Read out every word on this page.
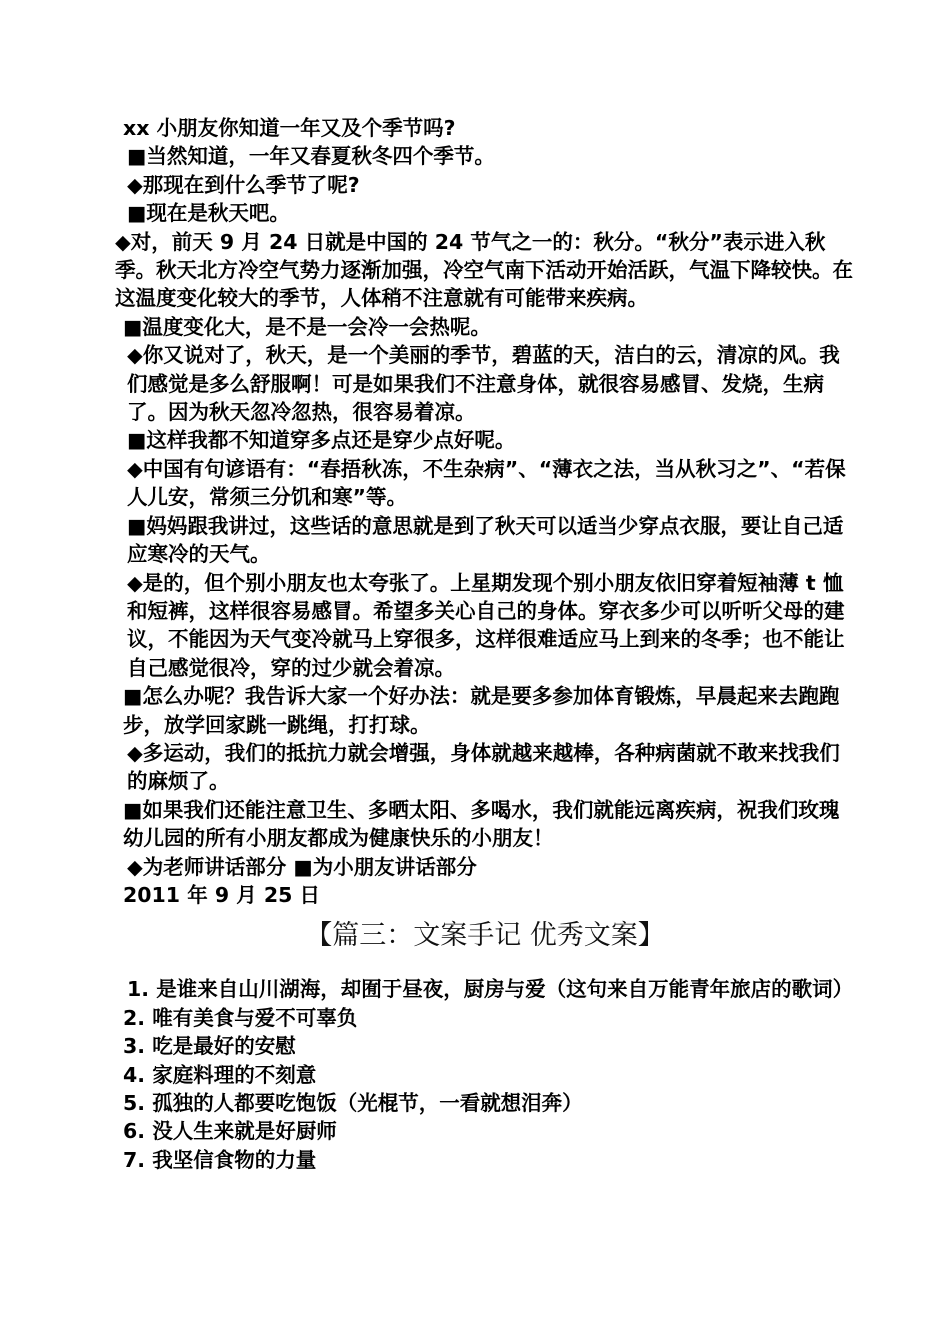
xx 小朋友你知道一年又及个季节吗?

■当然知道，一年又春夏秋冬四个季节。

◆那现在到什么季节了呢?

■现在是秋天吧。

◆对，前天 9 月 24 日就是中国的 24 节气之一的：秋分。“秋分”表示进入秋季。秋天北方冷空气势力逐渐加强，冷空气南下活动开始活跃，气温下降较快。在这温度变化较大的季节，人体稍不注意就有可能带来疾病。

■温度变化大，是不是一会冷一会热呢。

◆你又说对了，秋天，是一个美丽的季节，碧蓝的天，洁白的云，清凉的风。我们感觉是多么舒服啊！可是如果我们不注意身体，就很容易感冒、发烧，生病了。因为秋天忽冷忽热，很容易着凉。

■这样我都不知道穿多点还是穿少点好呢。

◆中国有句谚语有：“春捂秋冻，不生杂病”、“薄衣之法，当从秋习之”、“若保人儿安，常须三分饥和寒”等。

■妈妈跟我讲过，这些话的意思就是到了秋天可以适当少穿点衣服，要让自己适应寒冷的天气。

◆是的，但个别小朋友也太夸张了。上星期发现个别小朋友依旧穿着短袖薄 t 恤和短裤，这样很容易感冒。希望多关心自己的身体。穿衣多少可以听听父母的建议，不能因为天气变冷就马上穿很多，这样很难适应马上到来的冬季；也不能让自己感觉很冷，穿的过少就会着凉。

■怎么办呢？我告诉大家一个好办法：就是要多参加体育锻炼，早晨起来去跑跑步，放学回家跳一跳绳，打打球。

◆多运动，我们的抵抗力就会增强，身体就越来越棒，各种病菌就不敢来找我们的麻烦了。

■如果我们还能注意卫生、多晒太阳、多喝水，我们就能远离疾病，祝我们玫瑰幼儿园的所有小朋友都成为健康快乐的小朋友！

◆为老师讲话部分 ■为小朋友讲话部分

2011 年 9 月 25 日

【篇三：文案手记 优秀文案】

1. 是谁来自山川湖海，却囿于昼夜，厨房与爱（这句来自万能青年旅店的歌词）

2. 唯有美食与爱不可辜负

3. 吃是最好的安慰

4. 家庭料理的不刻意

5. 孤独的人都要吃饱饭（光棍节，一看就想泪奔）

6. 没人生来就是好厨师

7. 我坚信食物的力量
